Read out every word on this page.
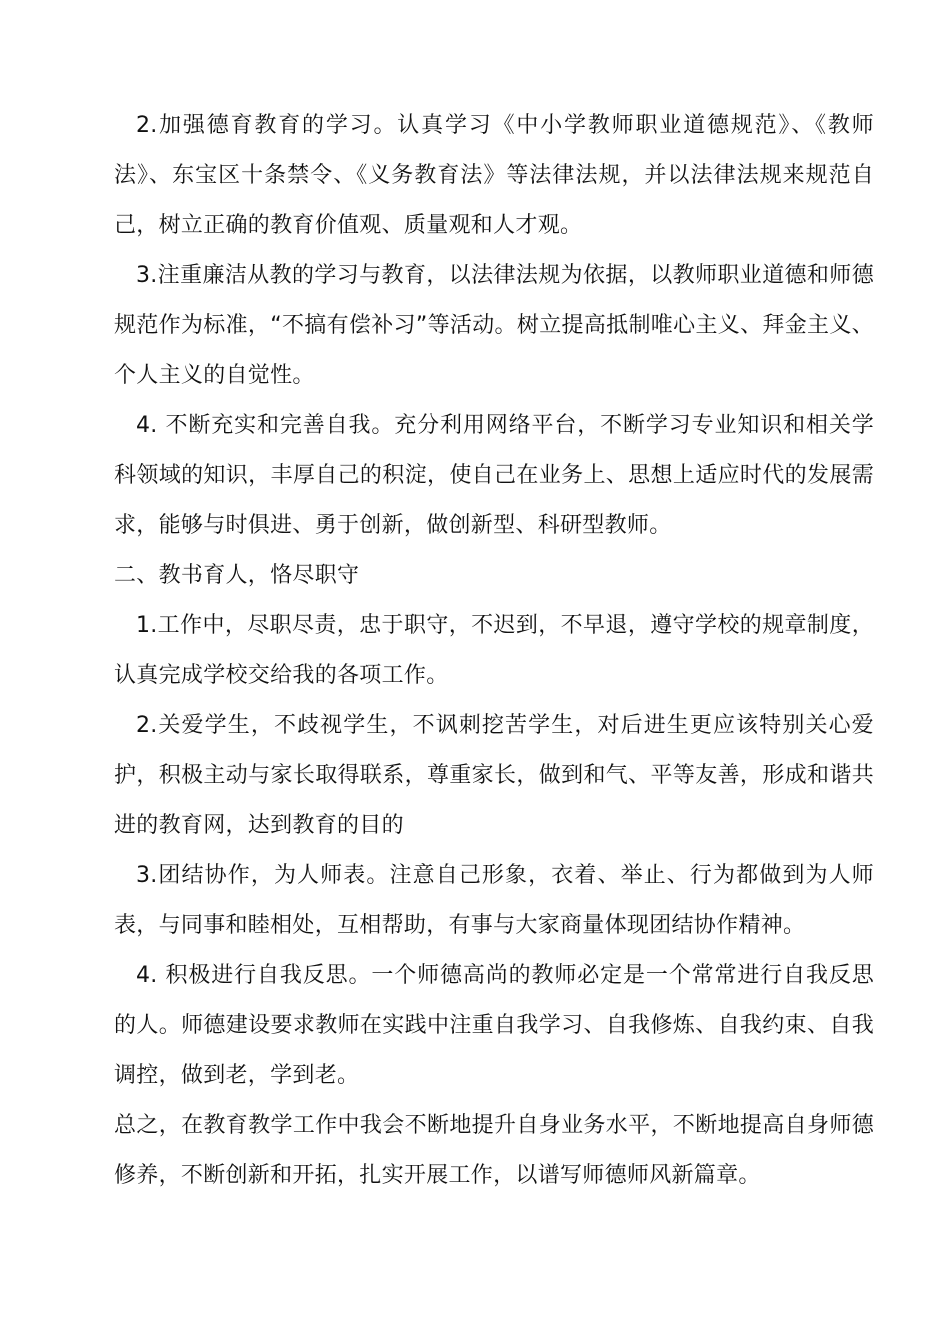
2.加强德育教育的学习。认真学习《中小学教师职业道德规范》、《教师法》、东宝区十条禁令、《义务教育法》等法律法规，并以法律法规来规范自己，树立正确的教育价值观、质量观和人才观。

3.注重廉洁从教的学习与教育，以法律法规为依据，以教师职业道德和师德规范作为标准，“不搞有偿补习”等活动。树立提高抵制唯心主义、拜金主义、个人主义的自觉性。

4. 不断充实和完善自我。充分利用网络平台，不断学习专业知识和相关学科领域的知识，丰厚自己的积淀，使自己在业务上、思想上适应时代的发展需求，能够与时俱进、勇于创新，做创新型、科研型教师。

二、教书育人，恪尽职守

1.工作中，尽职尽责，忠于职守，不迟到，不早退，遵守学校的规章制度，认真完成学校交给我的各项工作。

2.关爱学生，不歧视学生，不讽刺挖苦学生，对后进生更应该特别关心爱护，积极主动与家长取得联系，尊重家长，做到和气、平等友善，形成和谐共进的教育网，达到教育的目的

3.团结协作，为人师表。注意自己形象，衣着、举止、行为都做到为人师表，与同事和睦相处，互相帮助，有事与大家商量体现团结协作精神。

4. 积极进行自我反思。一个师德高尚的教师必定是一个常常进行自我反思的人。师德建设要求教师在实践中注重自我学习、自我修炼、自我约束、自我调控，做到老，学到老。

总之，在教育教学工作中我会不断地提升自身业务水平，不断地提高自身师德修养，不断创新和开拓，扎实开展工作，以谱写师德师风新篇章。
